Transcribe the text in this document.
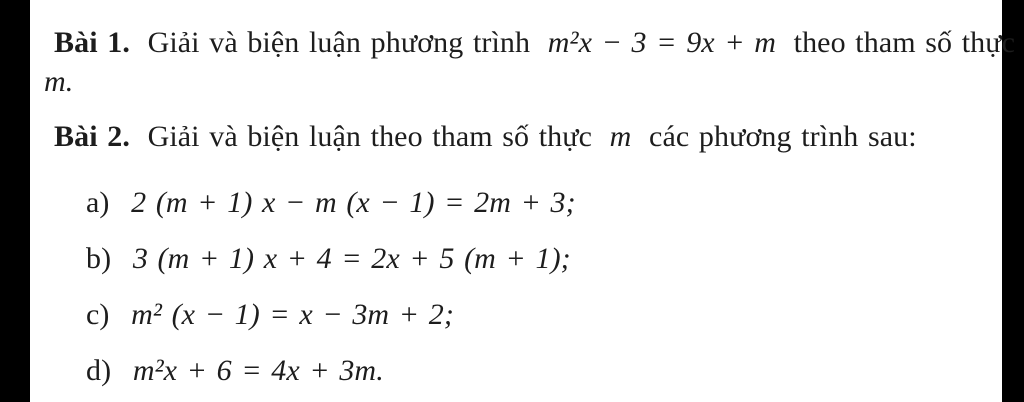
Bài 1. Giải và biện luận phương trình m²x − 3 = 9x + m theo tham số thực
m.
Bài 2. Giải và biện luận theo tham số thực m các phương trình sau:
a) 2 (m + 1) x − m (x − 1) = 2m + 3;
b) 3 (m + 1) x + 4 = 2x + 5 (m + 1);
c) m² (x − 1) = x − 3m + 2;
d) m²x + 6 = 4x + 3m.
